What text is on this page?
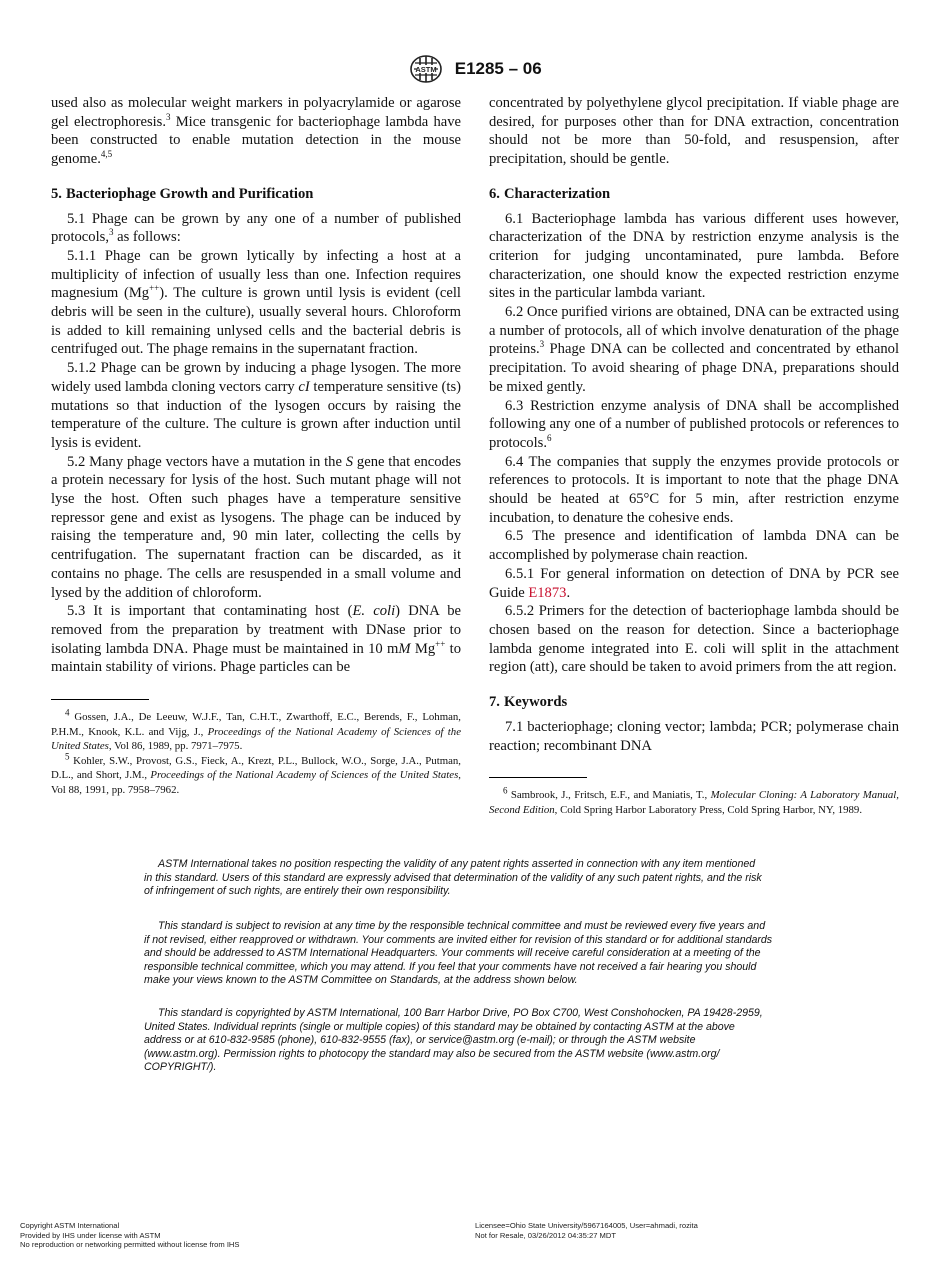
ASTM E1285 – 06

used also as molecular weight markers in polyacrylamide or agarose gel electrophoresis.$^3$ Mice transgenic for bacteriophage lambda have been constructed to enable mutation detection in the mouse genome.$^{4,5}$

5. Bacteriophage Growth and Purification

5.1 Phage can be grown by any one of a number of published protocols,$^3$ as follows:

5.1.1 Phage can be grown lytically by infecting a host at a multiplicity of infection of usually less than one. Infection requires magnesium (Mg++). The culture is grown until lysis is evident (cell debris will be seen in the culture), usually several hours. Chloroform is added to kill remaining unlysed cells and the bacterial debris is centrifuged out. The phage remains in the supernatant fraction.

5.1.2 Phage can be grown by inducing a phage lysogen. The more widely used lambda cloning vectors carry cI temperature sensitive (ts) mutations so that induction of the lysogen occurs by raising the temperature of the culture. The culture is grown after induction until lysis is evident.

5.2 Many phage vectors have a mutation in the S gene that encodes a protein necessary for lysis of the host. Such mutant phage will not lyse the host. Often such phages have a temperature sensitive repressor gene and exist as lysogens. The phage can be induced by raising the temperature and, 90 min later, collecting the cells by centrifugation. The supernatant fraction can be discarded, as it contains no phage. The cells are resuspended in a small volume and lysed by the addition of chloroform.

5.3 It is important that contaminating host (E. coli) DNA be removed from the preparation by treatment with DNase prior to isolating lambda DNA. Phage must be maintained in 10 mM Mg++ to maintain stability of virions. Phage particles can be

$^4$ Gossen, J.A., De Leeuw, W.J.F., Tan, C.H.T., Zwarthoff, E.C., Berends, F., Lohman, P.H.M., Knook, K.L. and Vijg, J., Proceedings of the National Academy of Sciences of the United States, Vol 86, 1989, pp. 7971–7975.

$^5$ Kohler, S.W., Provost, G.S., Fieck, A., Krezt, P.L., Bullock, W.O., Sorge, J.A., Putman, D.L., and Short, J.M., Proceedings of the National Academy of Sciences of the United States, Vol 88, 1991, pp. 7958–7962.

concentrated by polyethylene glycol precipitation. If viable phage are desired, for purposes other than for DNA extraction, concentration should not be more than 50-fold, and resuspension, after precipitation, should be gentle.

6. Characterization

6.1 Bacteriophage lambda has various different uses however, characterization of the DNA by restriction enzyme analysis is the criterion for judging uncontaminated, pure lambda. Before characterization, one should know the expected restriction enzyme sites in the particular lambda variant.

6.2 Once purified virions are obtained, DNA can be extracted using a number of protocols, all of which involve denaturation of the phage proteins.$^3$ Phage DNA can be collected and concentrated by ethanol precipitation. To avoid shearing of phage DNA, preparations should be mixed gently.

6.3 Restriction enzyme analysis of DNA shall be accomplished following any one of a number of published protocols or references to protocols.$^6$

6.4 The companies that supply the enzymes provide protocols or references to protocols. It is important to note that the phage DNA should be heated at 65°C for 5 min, after restriction enzyme incubation, to denature the cohesive ends.

6.5 The presence and identification of lambda DNA can be accomplished by polymerase chain reaction.

6.5.1 For general information on detection of DNA by PCR see Guide E1873.

6.5.2 Primers for the detection of bacteriophage lambda should be chosen based on the reason for detection. Since a bacteriophage lambda genome integrated into E. coli will split in the attachment region (att), care should be taken to avoid primers from the att region.

7. Keywords

7.1 bacteriophage; cloning vector; lambda; PCR; polymerase chain reaction; recombinant DNA

$^6$ Sambrook, J., Fritsch, E.F., and Maniatis, T., Molecular Cloning: A Laboratory Manual, Second Edition, Cold Spring Harbor Laboratory Press, Cold Spring Harbor, NY, 1989.

ASTM International takes no position respecting the validity of any patent rights asserted in connection with any item mentioned
in this standard. Users of this standard are expressly advised that determination of the validity of any such patent rights, and the risk
of infringement of such rights, are entirely their own responsibility.

This standard is subject to revision at any time by the responsible technical committee and must be reviewed every five years and
if not revised, either reapproved or withdrawn. Your comments are invited either for revision of this standard or for additional standards
and should be addressed to ASTM International Headquarters. Your comments will receive careful consideration at a meeting of the
responsible technical committee, which you may attend. If you feel that your comments have not received a fair hearing you should
make your views known to the ASTM Committee on Standards, at the address shown below.

This standard is copyrighted by ASTM International, 100 Barr Harbor Drive, PO Box C700, West Conshohocken, PA 19428-2959,
United States. Individual reprints (single or multiple copies) of this standard may be obtained by contacting ASTM at the above
address or at 610-832-9585 (phone), 610-832-9555 (fax), or service@astm.org (e-mail); or through the ASTM website
(www.astm.org). Permission rights to photocopy the standard may also be secured from the ASTM website (www.astm.org/
COPYRIGHT/).

Copyright ASTM International
Provided by IHS under license with ASTM
No reproduction or networking permitted without license from IHS
Licensee=Ohio State University/5967164005, User=ahmadi, rozita
Not for Resale, 03/26/2012 04:35:27 MDT
